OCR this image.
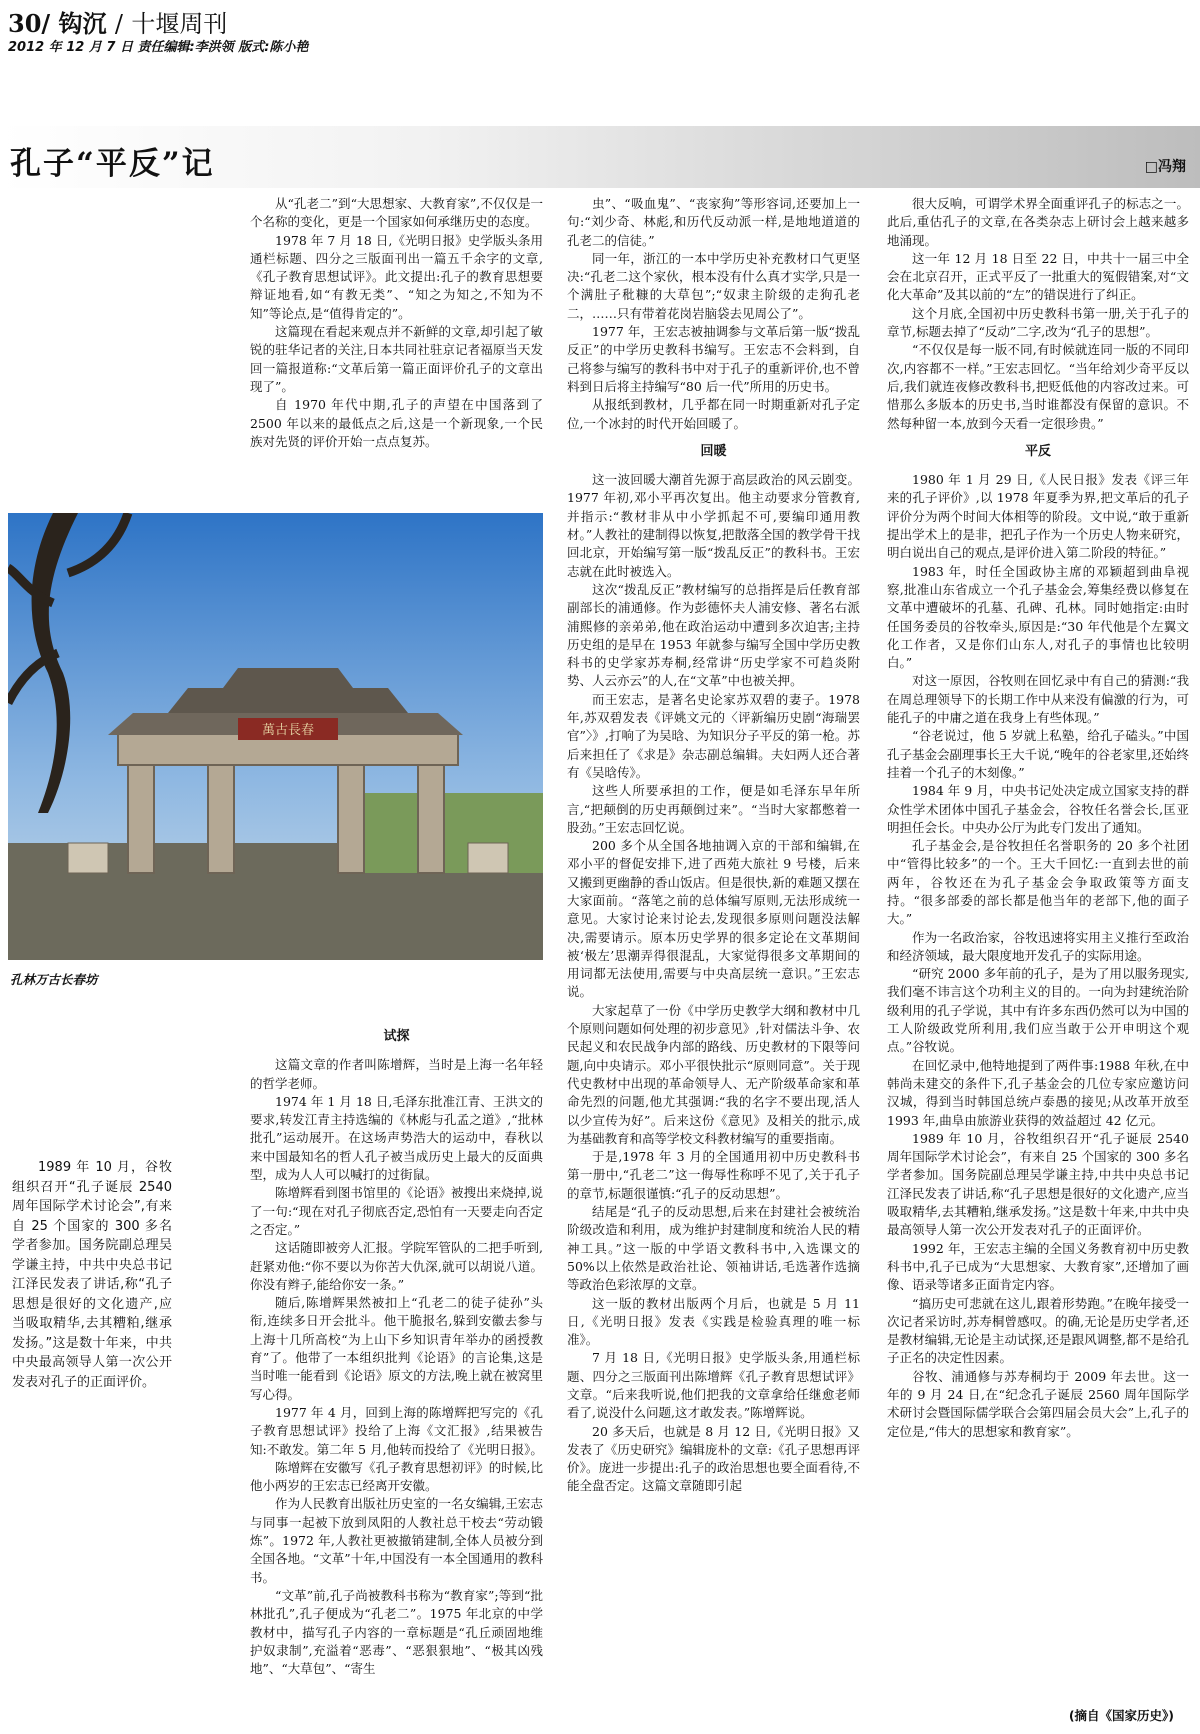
30/ 钩沉 / 十堰周刊
2012 年 12 月 7 日 责任编辑:李洪领 版式:陈小艳
孔子“平反”记	□冯翔

从“孔老二”到“大思想家、大教育家”,不仅仅是一个名称的变化，更是一个国家如何承继历史的态度。

1978 年 7 月 18 日,《光明日报》史学版头条用通栏标题、四分之三版面刊出一篇五千余字的文章,《孔子教育思想试评》。此文提出:孔子的教育思想要辩证地看,如“有教无类”、“知之为知之,不知为不知”等论点,是“值得肯定的”。

这篇现在看起来观点并不新鲜的文章,却引起了敏锐的驻华记者的关注,日本共同社驻京记者福原当天发回一篇报道称:“文革后第一篇正面评价孔子的文章出现了”。

自 1970 年代中期,孔子的声望在中国落到了 2500 年以来的最低点之后,这是一个新现象,一个民族对先贤的评价开始一点点复苏。

萬古長春
孔林万古长春坊

1989 年 10 月，谷牧组织召开“孔子诞辰 2540 周年国际学术讨论会”,有来自 25 个国家的 300 多名学者参加。国务院副总理吴学谦主持，中共中央总书记江泽民发表了讲话,称“孔子思想是很好的文化遗产,应当吸取精华,去其糟粕,继承发扬。”这是数十年来，中共中央最高领导人第一次公开发表对孔子的正面评价。

试探

这篇文章的作者叫陈增辉，当时是上海一名年轻的哲学老师。

1974 年 1 月 18 日,毛泽东批准江青、王洪文的要求,转发江青主持选编的《林彪与孔孟之道》,“批林批孔”运动展开。在这场声势浩大的运动中，春秋以来中国最知名的哲人孔子被当成历史上最大的反面典型，成为人人可以喊打的过街鼠。

陈增辉看到图书馆里的《论语》被搜出来烧掉,说了一句:“现在对孔子彻底否定,恐怕有一天要走向否定之否定。”

这话随即被旁人汇报。学院军管队的二把手听到,赶紧劝他:“你不要以为你苦大仇深,就可以胡说八道。你没有辫子,能给你安一条。”

随后,陈增辉果然被扣上“孔老二的徒子徒孙”头衔,连续多日开会批斗。他干脆报名,躲到安徽去参与上海十几所高校“为上山下乡知识青年举办的函授教育”了。他带了一本组织批判《论语》的言论集,这是当时唯一能看到《论语》原文的方法,晚上就在被窝里写心得。

1977 年 4 月，回到上海的陈增辉把写完的《孔子教育思想试评》投给了上海《文汇报》,结果被告知:不敢发。第二年 5 月,他转而投给了《光明日报》。

陈增辉在安徽写《孔子教育思想初评》的时候,比他小两岁的王宏志已经离开安徽。

作为人民教育出版社历史室的一名女编辑,王宏志与同事一起被下放到凤阳的人教社总干校去“劳动锻炼”。1972 年,人教社更被撤销建制,全体人员被分到全国各地。“文革”十年,中国没有一本全国通用的教科书。

“文革”前,孔子尚被教科书称为“教育家”;等到“批林批孔”,孔子便成为“孔老二”。1975 年北京的中学教材中，描写孔子内容的一章标题是“孔丘顽固地维护奴隶制”,充溢着“恶毒”、“恶狠狠地”、“极其凶残地”、“大草包”、“寄生

虫”、“吸血鬼”、“丧家狗”等形容词,还要加上一句:“刘少奇、林彪,和历代反动派一样,是地地道道的孔老二的信徒。”

同一年，浙江的一本中学历史补充教材口气更坚决:“孔老二这个家伙，根本没有什么真才实学,只是一个满肚子秕糠的大草包”;“奴隶主阶级的走狗孔老二，……只有带着花岗岩脑袋去见周公了”。

1977 年，王宏志被抽调参与文革后第一版“拨乱反正”的中学历史教科书编写。王宏志不会料到，自己将参与编写的教科书中对于孔子的重新评价,也不曾料到日后将主持编写“80 后一代”所用的历史书。

从报纸到教材，几乎都在同一时期重新对孔子定位,一个冰封的时代开始回暖了。

回暖

这一波回暖大潮首先源于高层政治的风云剧变。1977 年初,邓小平再次复出。他主动要求分管教育,并指示:“教材非从中小学抓起不可,要编印通用教材。”人教社的建制得以恢复,把散落全国的教学骨干找回北京，开始编写第一版“拨乱反正”的教科书。王宏志就在此时被选入。

这次“拨乱反正”教材编写的总指挥是后任教育部副部长的浦通修。作为彭德怀夫人浦安修、著名右派浦熙修的亲弟弟,他在政治运动中遭到多次迫害;主持历史组的是早在 1953 年就参与编写全国中学历史教科书的史学家苏寿桐,经常讲“历史学家不可趋炎附势、人云亦云”的人,在“文革”中也被关押。

而王宏志，是著名史论家苏双碧的妻子。1978 年,苏双碧发表《评姚文元的〈评新编历史剧“海瑞罢官”〉》,打响了为吴晗、为知识分子平反的第一枪。苏后来担任了《求是》杂志副总编辑。夫妇两人还合著有《吴晗传》。

这些人所要承担的工作，便是如毛泽东早年所言,“把颠倒的历史再颠倒过来”。“当时大家都憋着一股劲。”王宏志回忆说。

200 多个从全国各地抽调入京的干部和编辑,在邓小平的督促安排下,进了西苑大旅社 9 号楼，后来又搬到更幽静的香山饭店。但是很快,新的难题又摆在大家面前。“落笔之前的总体编写原则,无法形成统一意见。大家讨论来讨论去,发现很多原则问题没法解决,需要请示。原本历史学界的很多定论在文革期间被‘极左’思潮弄得很混乱，大家觉得很多文革期间的用词都无法使用,需要与中央高层统一意识。”王宏志说。

大家起草了一份《中学历史教学大纲和教材中几个原则问题如何处理的初步意见》,针对儒法斗争、农民起义和农民战争内部的路线、历史教材的下限等问题,向中央请示。邓小平很快批示“原则同意”。关于现代史教材中出现的革命领导人、无产阶级革命家和革命先烈的问题,他尤其强调:“我的名字不要出现,活人以少宣传为好”。后来这份《意见》及相关的批示,成为基础教育和高等学校文科教材编写的重要指南。

于是,1978 年 3 月的全国通用初中历史教科书第一册中,“孔老二”这一侮辱性称呼不见了,关于孔子的章节,标题很谨慎:“孔子的反动思想”。

结尾是“孔子的反动思想,后来在封建社会被统治阶级改造和利用，成为维护封建制度和统治人民的精神工具。”这一版的中学语文教科书中,入选课文的 50%以上依然是政治社论、领袖讲话,毛选著作选摘等政治色彩浓厚的文章。

这一版的教材出版两个月后，也就是 5 月 11 日,《光明日报》发表《实践是检验真理的唯一标准》。

7 月 18 日,《光明日报》史学版头条,用通栏标题、四分之三版面刊出陈增辉《孔子教育思想试评》文章。“后来我听说,他们把我的文章拿给任继愈老师看了,说没什么问题,这才敢发表。”陈增辉说。

20 多天后，也就是 8 月 12 日,《光明日报》又发表了《历史研究》编辑庞朴的文章:《孔子思想再评价》。庞进一步提出:孔子的政治思想也要全面看待,不能全盘否定。这篇文章随即引起

很大反响，可谓学术界全面重评孔子的标志之一。此后,重估孔子的文章,在各类杂志上研讨会上越来越多地涌现。

这一年 12 月 18 日至 22 日，中共十一届三中全会在北京召开，正式平反了一批重大的冤假错案,对“文化大革命”及其以前的“左”的错误进行了纠正。

这个月底,全国初中历史教科书第一册,关于孔子的章节,标题去掉了“反动”二字,改为“孔子的思想”。

“不仅仅是每一版不同,有时候就连同一版的不同印次,内容都不一样。”王宏志回忆。“当年给刘少奇平反以后,我们就连夜修改教科书,把贬低他的内容改过来。可惜那么多版本的历史书,当时谁都没有保留的意识。不然每种留一本,放到今天看一定很珍贵。”

平反

1980 年 1 月 29 日,《人民日报》发表《评三年来的孔子评价》,以 1978 年夏季为界,把文革后的孔子评价分为两个时间大体相等的阶段。文中说,“敢于重新提出学术上的是非，把孔子作为一个历史人物来研究，明白说出自己的观点,是评价进入第二阶段的特征。”

1983 年，时任全国政协主席的邓颖超到曲阜视察,批准山东省成立一个孔子基金会,筹集经费以修复在文革中遭破坏的孔墓、孔碑、孔林。同时她指定:由时任国务委员的谷牧牵头,原因是:“30 年代他是个左翼文化工作者，又是你们山东人,对孔子的事情也比较明白。”

对这一原因，谷牧则在回忆录中有自己的猜测:“我在周总理领导下的长期工作中从来没有偏激的行为，可能孔子的中庸之道在我身上有些体现。”

“谷老说过，他 5 岁就上私塾，给孔子磕头。”中国孔子基金会副理事长王大千说,“晚年的谷老家里,还始终挂着一个孔子的木刻像。”

1984 年 9 月，中央书记处决定成立国家支持的群众性学术团体中国孔子基金会，谷牧任名誉会长,匡亚明担任会长。中央办公厅为此专门发出了通知。

孔子基金会,是谷牧担任名誉职务的 20 多个社团中“管得比较多”的一个。王大千回忆:一直到去世的前两年，谷牧还在为孔子基金会争取政策等方面支持。“很多部委的部长都是他当年的老部下,他的面子大。”

作为一名政治家，谷牧迅速将实用主义推行至政治和经济领域，最大限度地开发孔子的实际用途。

“研究 2000 多年前的孔子，是为了用以服务现实,我们毫不讳言这个功利主义的目的。一向为封建统治阶级利用的孔子学说，其中有许多东西仍然可以为中国的工人阶级政党所利用,我们应当敢于公开申明这个观点。”谷牧说。

在回忆录中,他特地提到了两件事:1988 年秋,在中韩尚未建交的条件下,孔子基金会的几位专家应邀访问汉城，得到当时韩国总统卢泰愚的接见;从改革开放至 1993 年,曲阜由旅游业获得的效益超过 42 亿元。

1989 年 10 月，谷牧组织召开“孔子诞辰 2540 周年国际学术讨论会”，有来自 25 个国家的 300 多名学者参加。国务院副总理吴学谦主持,中共中央总书记江泽民发表了讲话,称“孔子思想是很好的文化遗产,应当吸取精华,去其糟粕,继承发扬。”这是数十年来,中共中央最高领导人第一次公开发表对孔子的正面评价。

1992 年，王宏志主编的全国义务教育初中历史教科书中,孔子已成为“大思想家、大教育家”,还增加了画像、语录等诸多正面肯定内容。

“搞历史可悲就在这儿,跟着形势跑。”在晚年接受一次记者采访时,苏寿桐曾感叹。的确,无论是历史学者,还是教材编辑,无论是主动试探,还是跟风调整,都不是给孔子正名的决定性因素。

谷牧、浦通修与苏寿桐均于 2009 年去世。这一年的 9 月 24 日,在“纪念孔子诞辰 2560 周年国际学术研讨会暨国际儒学联合会第四届会员大会”上,孔子的定位是,“伟大的思想家和教育家”。

(摘自《国家历史》)
